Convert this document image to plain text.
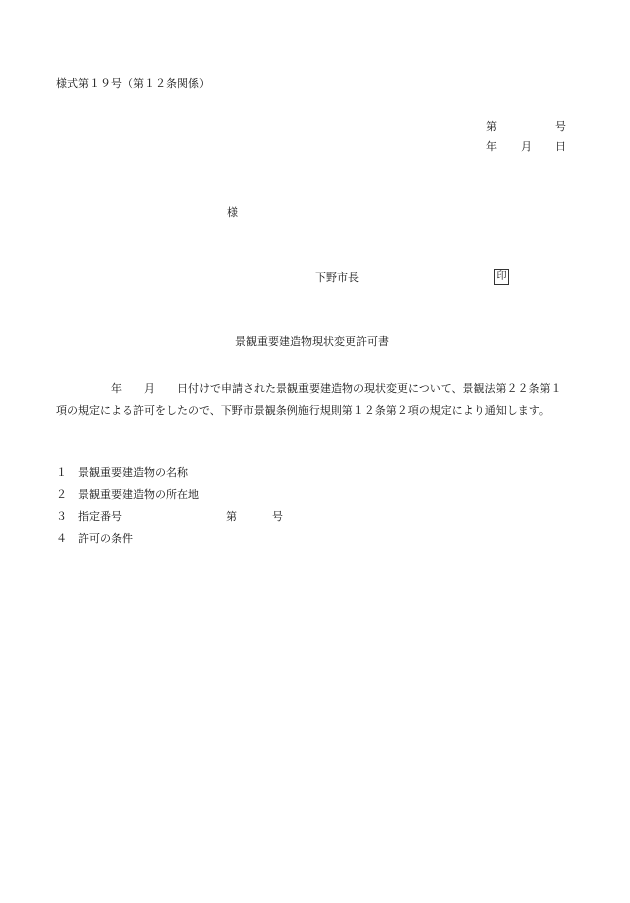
様式第１９号（第１２条関係）
第	号
年 月 日
様
下野市長	印
景観重要建造物現状変更許可書
　　　　　年　　月　　日付けで申請された景観重要建造物の現状変更について、景観法第２２条第１
項の規定による許可をしたので、下野市景観条例施行規則第１２条第２項の規定により通知します。
１	景観重要建造物の名称
２	景観重要建造物の所在地
３	指定番号	第	号
４	許可の条件
